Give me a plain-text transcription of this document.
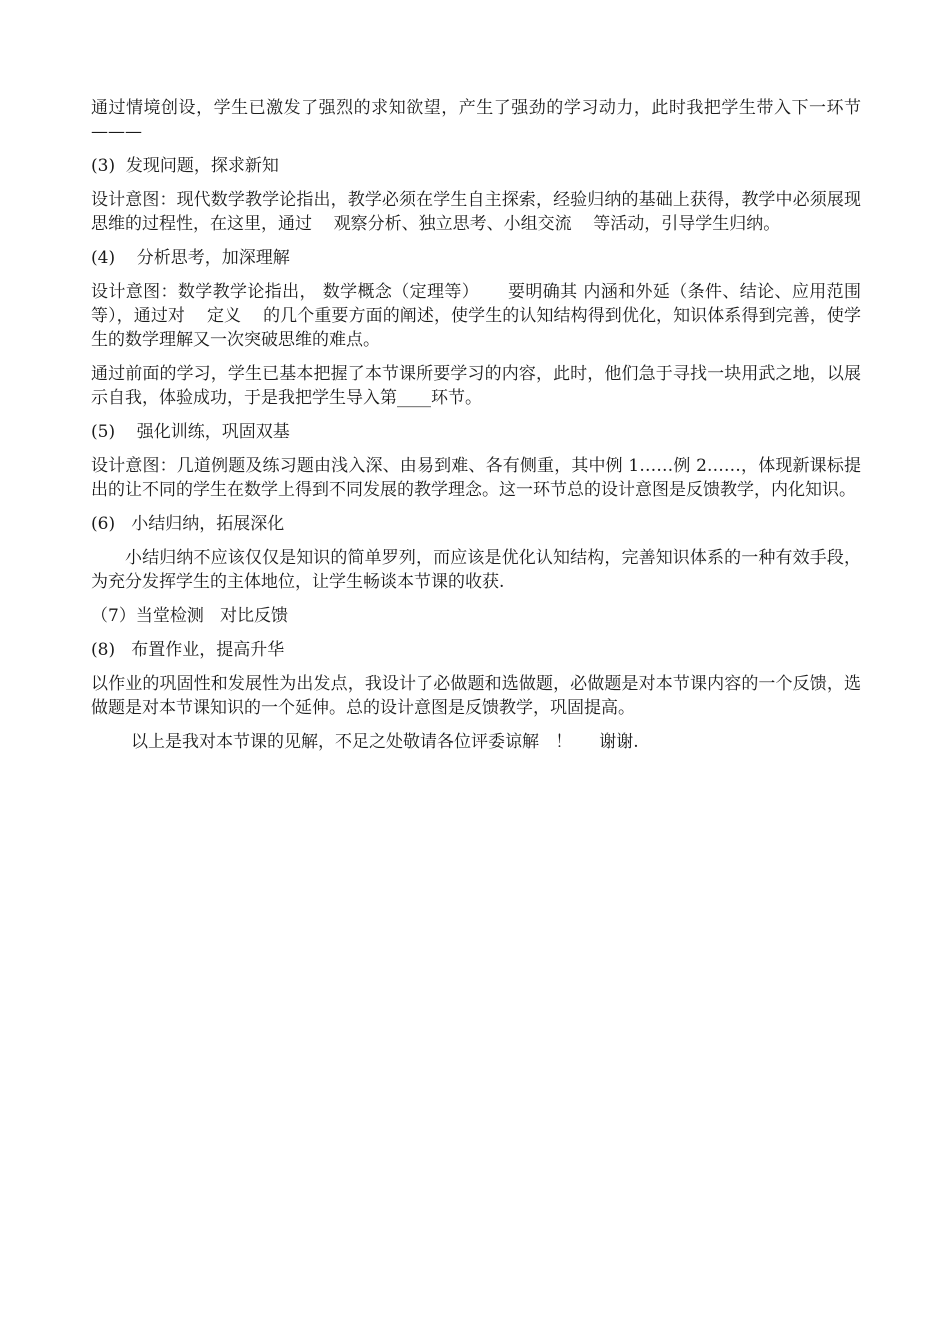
通过情境创设，学生已激发了强烈的求知欲望，产生了强劲的学习动力，此时我把学生带入下一环节———

(3)  发现问题，探求新知

设计意图：现代数学教学论指出，教学必须在学生自主探索，经验归纳的基础上获得，教学中必须展现思维的过程性，在这里，通过    观察分析、独立思考、小组交流    等活动，引导学生归纳。

(4)    分析思考，加深理解

设计意图：数学教学论指出， 数学概念（定理等）     要明确其 内涵和外延（条件、结论、应用范围等），通过对    定义    的几个重要方面的阐述，使学生的认知结构得到优化，知识体系得到完善，使学生的数学理解又一次突破思维的难点。

通过前面的学习，学生已基本把握了本节课所要学习的内容，此时，他们急于寻找一块用武之地，以展示自我，体验成功，于是我把学生导入第____环节。

(5)    强化训练，巩固双基

设计意图：几道例题及练习题由浅入深、由易到难、各有侧重，其中例 1……例 2……，体现新课标提出的让不同的学生在数学上得到不同发展的教学理念。这一环节总的设计意图是反馈教学，内化知识。

(6)   小结归纳，拓展深化

小结归纳不应该仅仅是知识的简单罗列，而应该是优化认知结构，完善知识体系的一种有效手段，为充分发挥学生的主体地位，让学生畅谈本节课的收获.

（7）当堂检测   对比反馈

(8)   布置作业，提高升华

以作业的巩固性和发展性为出发点，我设计了必做题和选做题，必做题是对本节课内容的一个反馈，选做题是对本节课知识的一个延伸。总的设计意图是反馈教学，巩固提高。

以上是我对本节课的见解，不足之处敬请各位评委谅解   ！     谢谢.
